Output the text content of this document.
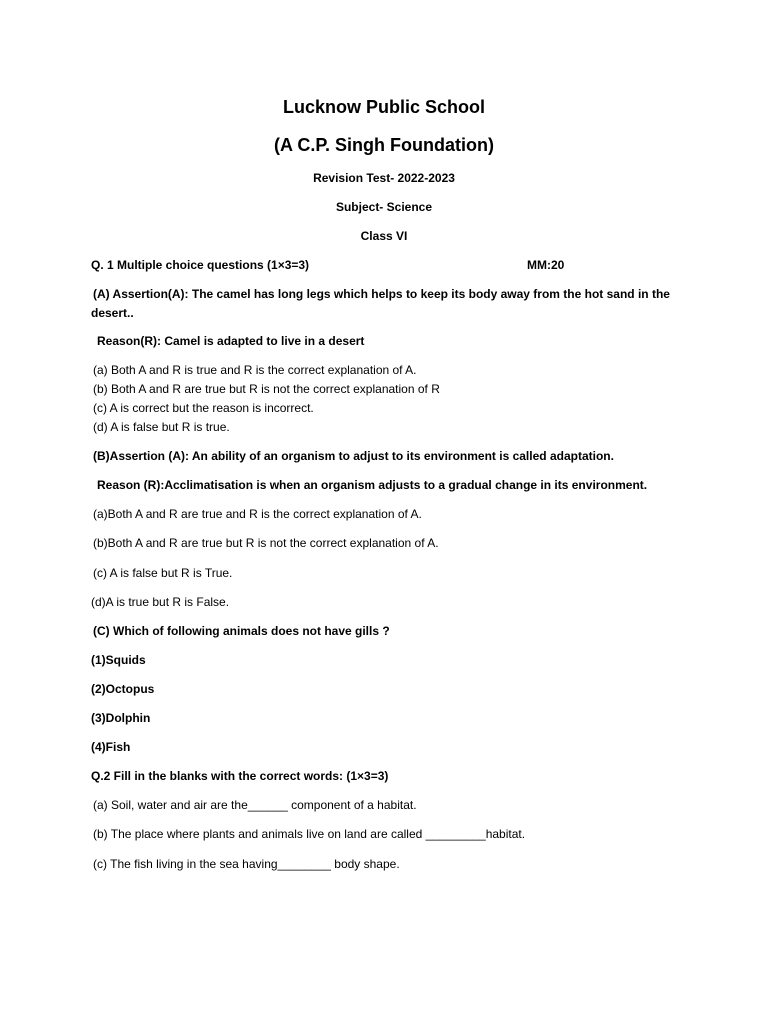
Lucknow Public School
(A C.P. Singh Foundation)
Revision Test- 2022-2023
Subject- Science
Class VI
Q. 1 Multiple choice questions (1×3=3)	MM:20
(A) Assertion(A): The camel has long legs which helps to keep its body away from the hot sand in the
desert..
Reason(R): Camel is adapted to live in a desert
(a) Both A and R is true and R is the correct explanation of A.
(b) Both A and R are true but R is not the correct explanation of R
(c) A is correct but the reason is incorrect.
(d) A is false but R is true.
(B)Assertion (A): An ability of an organism to adjust to its environment is called adaptation.
Reason (R):Acclimatisation is when an organism adjusts to a gradual change in its environment.
(a)Both A and R are true and R is the correct explanation of A.
(b)Both A and R are true but R is not the correct explanation of A.
(c) A is false but R is True.
(d)A is true but R is False.
(C) Which of following animals does not have gills ?
(1)Squids
(2)Octopus
(3)Dolphin
(4)Fish
Q.2 Fill in the blanks with the correct words: (1×3=3)
(a) Soil, water and air are the______ component of a habitat.
(b) The place where plants and animals live on land are called _________habitat.
(c) The fish living in the sea having________ body shape.
